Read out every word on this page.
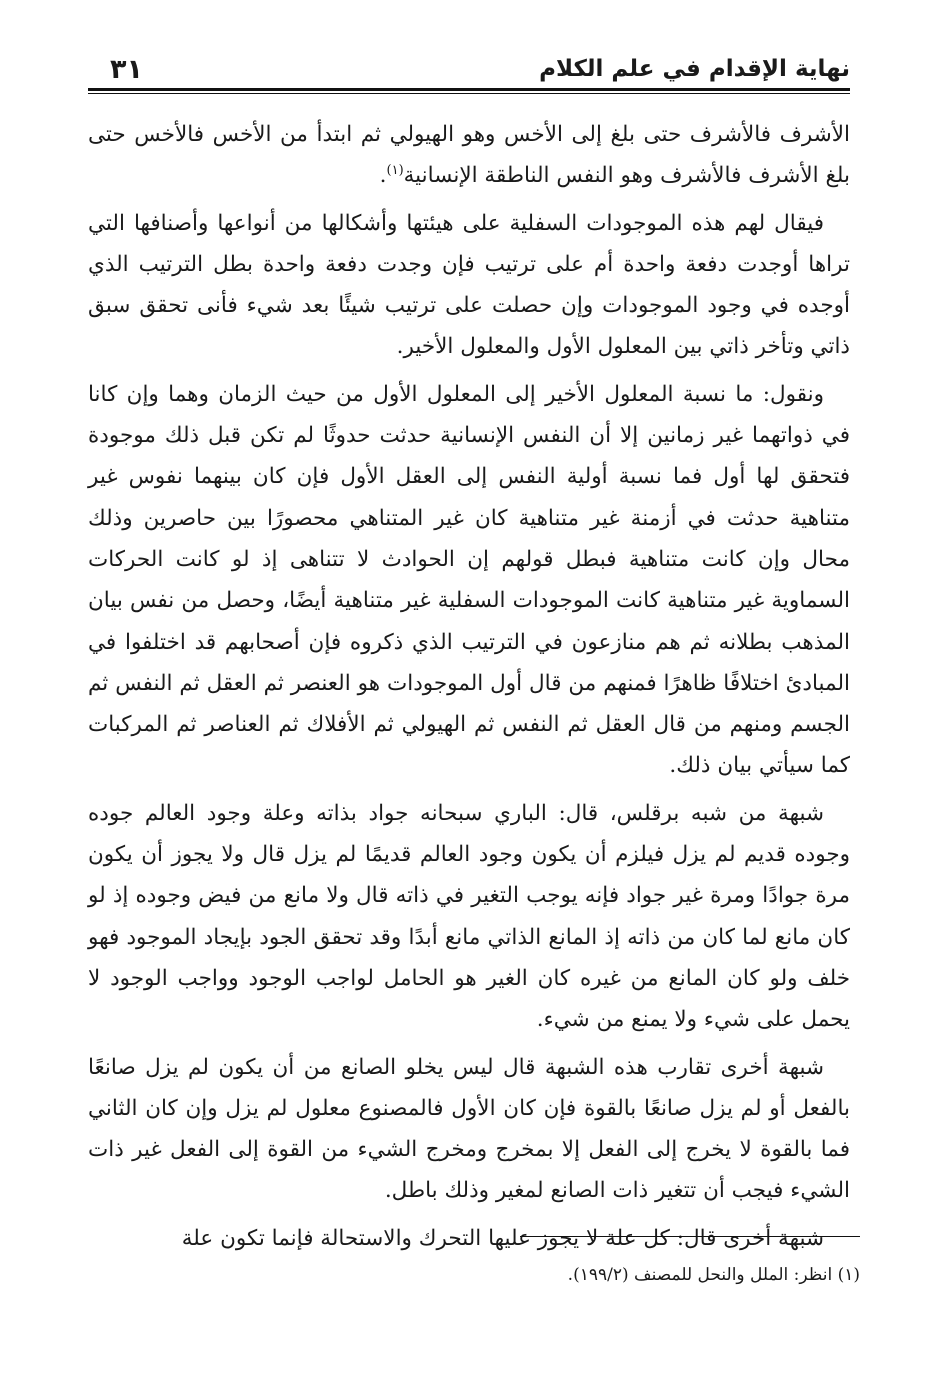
نهاية الإقدام في علم الكلام
٣١

الأشرف فالأشرف حتى بلغ إلى الأخس وهو الهيولي ثم ابتدأ من الأخس فالأخس حتى بلغ الأشرف فالأشرف وهو النفس الناطقة الإنسانية$^{(١)}$.

فيقال لهم هذه الموجودات السفلية على هيئتها وأشكالها من أنواعها وأصنافها التي تراها أوجدت دفعة واحدة أم على ترتيب فإن وجدت دفعة واحدة بطل الترتيب الذي أوجده في وجود الموجودات وإن حصلت على ترتيب شيئًا بعد شيء فأنى تحقق سبق ذاتي وتأخر ذاتي بين المعلول الأول والمعلول الأخير.

ونقول: ما نسبة المعلول الأخير إلى المعلول الأول من حيث الزمان وهما وإن كانا في ذواتهما غير زمانين إلا أن النفس الإنسانية حدثت حدوثًا لم تكن قبل ذلك موجودة فتحقق لها أول فما نسبة أولية النفس إلى العقل الأول فإن كان بينهما نفوس غير متناهية حدثت في أزمنة غير متناهية كان غير المتناهي محصورًا بين حاصرين وذلك محال وإن كانت متناهية فبطل قولهم إن الحوادث لا تتناهى إذ لو كانت الحركات السماوية غير متناهية كانت الموجودات السفلية غير متناهية أيضًا، وحصل من نفس بيان المذهب بطلانه ثم هم منازعون في الترتيب الذي ذكروه فإن أصحابهم قد اختلفوا في المبادئ اختلافًا ظاهرًا فمنهم من قال أول الموجودات هو العنصر ثم العقل ثم النفس ثم الجسم ومنهم من قال العقل ثم النفس ثم الهيولي ثم الأفلاك ثم العناصر ثم المركبات كما سيأتي بيان ذلك.

شبهة من شبه برقلس، قال: الباري سبحانه جواد بذاته وعلة وجود العالم جوده وجوده قديم لم يزل فيلزم أن يكون وجود العالم قديمًا لم يزل قال ولا يجوز أن يكون مرة جوادًا ومرة غير جواد فإنه يوجب التغير في ذاته قال ولا مانع من فيض وجوده إذ لو كان مانع لما كان من ذاته إذ المانع الذاتي مانع أبدًا وقد تحقق الجود بإيجاد الموجود فهو خلف ولو كان المانع من غيره كان الغير هو الحامل لواجب الوجود وواجب الوجود لا يحمل على شيء ولا يمنع من شيء.

شبهة أخرى تقارب هذه الشبهة قال ليس يخلو الصانع من أن يكون لم يزل صانعًا بالفعل أو لم يزل صانعًا بالقوة فإن كان الأول فالمصنوع معلول لم يزل وإن كان الثاني فما بالقوة لا يخرج إلى الفعل إلا بمخرج ومخرج الشيء من القوة إلى الفعل غير ذات الشيء فيجب أن تتغير ذات الصانع لمغير وذلك باطل.

شبهة أخرى قال: كل علة لا يجوز عليها التحرك والاستحالة فإنما تكون علة

(١) انظر: الملل والنحل للمصنف (١٩٩/٢).
